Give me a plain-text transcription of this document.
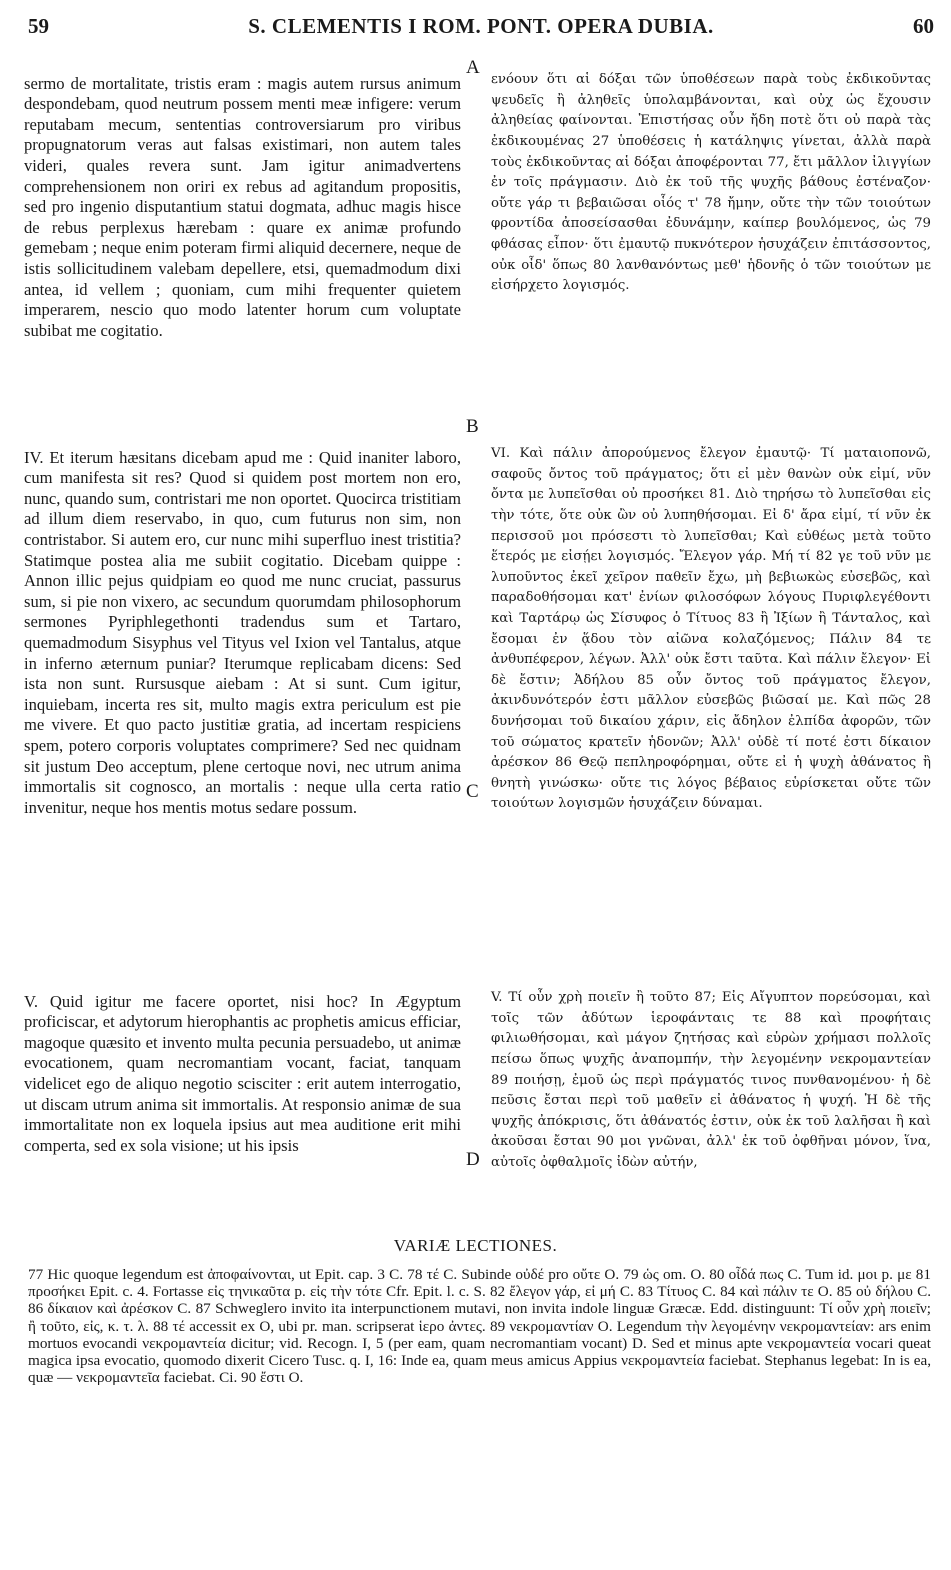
59	S. CLEMENTIS I ROM. PONT. OPERA DUBIA.	60

sermo de mortalitate, tristis eram : magis autem rursus animum despondebam, quod neutrum possem menti meæ infigere: verum reputabam mecum, sententias controversiarum pro viribus propugnatorum veras aut falsas existimari, non autem tales videri, quales revera sunt. Jam igitur animadvertens comprehensionem non oriri ex rebus ad agitandum propositis, sed pro ingenio disputantium statui dogmata, adhuc magis hisce de rebus perplexus hærebam : quare ex animæ profundo gemebam ; neque enim poteram firmi aliquid decernere, neque de istis sollicitudinem valebam depellere, etsi, quemadmodum dixi antea, id vellem ; quoniam, cum mihi frequenter quietem imperarem, nescio quo modo latenter horum cum voluptate subibat me cogitatio.

ενόουν ὅτι αἱ δόξαι τῶν ὑποθέσεων παρὰ τοὺς ἐκδικοῦντας ψευδεῖς ἢ ἀληθεῖς ὑπολαμβάνονται, καὶ οὐχ ὡς ἔχουσιν ἀληθείας φαίνονται. Ἐπιστήσας οὖν ἤδη ποτὲ ὅτι οὐ παρὰ τὰς ἐκδικουμένας 27 ὑποθέσεις ἡ κατάληψις γίνεται, ἀλλὰ παρὰ τοὺς ἐκδικοῦντας αἱ δόξαι ἀποφέρονται 77, ἔτι μᾶλλον ἰλιγγίων ἐν τοῖς πράγμασιν. Διὸ ἐκ τοῦ τῆς ψυχῆς βάθους ἐστέναζον· οὔτε γάρ τι βεβαιῶσαι οἷός τ' 78 ἤμην, οὔτε τὴν τῶν τοιούτων φροντίδα ἀποσείσασθαι ἐδυνάμην, καίπερ βουλόμενος, ὡς 79 φθάσας εἶπον· ὅτι ἐμαυτῷ πυκνότερον ἡσυχάζειν ἐπιτάσσοντος, οὐκ οἶδ' ὅπως 80 λανθανόντως μεθ' ἡδονῆς ὁ τῶν τοιούτων με εἰσήρχετο λογισμός.

IV. Et iterum hæsitans dicebam apud me : Quid inaniter laboro, cum manifesta sit res? Quod si quidem post mortem non ero, nunc, quando sum, contristari me non oportet. Quocirca tristitiam ad illum diem reservabo, in quo, cum futurus non sim, non contristabor. Si autem ero, cur nunc mihi superfluo inest tristitia? Statimque postea alia me subiit cogitatio. Dicebam quippe : Annon illic pejus quidpiam eo quod me nunc cruciat, passurus sum, si pie non vixero, ac secundum quorumdam philosophorum sermones Pyriphlegethonti tradendus sum et Tartaro, quemadmodum Sisyphus vel Tityus vel Ixion vel Tantalus, atque in inferno æternum puniar? Iterumque replicabam dicens: Sed ista non sunt. Rursusque aiebam : At si sunt. Cum igitur, inquiebam, incerta res sit, multo magis extra periculum est pie me vivere. Et quo pacto justitiæ gratia, ad incertam respiciens spem, potero corporis voluptates comprimere? Sed nec quidnam sit justum Deo acceptum, plene certoque novi, nec utrum anima immortalis sit cognosco, an mortalis : neque ulla certa ratio invenitur, neque hos mentis motus sedare possum.

VI. Καὶ πάλιν ἀπορούμενος ἔλεγον ἐμαυτῷ· Τί ματαιοπονῶ, σαφοῦς ὄντος τοῦ πράγματος; ὅτι εἰ μὲν θανὼν οὐκ εἰμί, νῦν ὄντα με λυπεῖσθαι οὐ προσήκει 81. Διὸ τηρήσω τὸ λυπεῖσθαι εἰς τὴν τότε, ὅτε οὐκ ὢν οὐ λυπηθήσομαι. Εἰ δ' ἄρα εἰμί, τί νῦν ἐκ περισσοῦ μοι πρόσεστι τὸ λυπεῖσθαι; Καὶ εὐθέως μετὰ τοῦτο ἕτερός με εἰσῄει λογισμός. Ἔλεγον γάρ. Μή τί 82 γε τοῦ νῦν με λυποῦντος ἐκεῖ χεῖρον παθεῖν ἔχω, μὴ βεβιωκὼς εὐσεβῶς, καὶ παραδοθήσομαι κατ' ἐνίων φιλοσόφων λόγους Πυριφλεγέθοντι καὶ Ταρτάρῳ ὡς Σίσυφος ὁ Τίτυος 83 ἢ Ἰξίων ἢ Τάνταλος, καὶ ἔσομαι ἐν ᾅδου τὸν αἰῶνα κολαζόμενος; Πάλιν 84 τε ἀνθυπέφερον, λέγων. Ἀλλ' οὐκ ἔστι ταῦτα. Καὶ πάλιν ἔλεγον· Εἰ δὲ ἔστιν; Ἀδήλου 85 οὖν ὄντος τοῦ πράγματος ἔλεγον, ἀκινδυνότερόν ἐστι μᾶλλον εὐσεβῶς βιῶσαί με. Καὶ πῶς 28 δυνήσομαι τοῦ δικαίου χάριν, εἰς ἄδηλον ἐλπίδα ἀφορῶν, τῶν τοῦ σώματος κρατεῖν ἡδονῶν; Ἀλλ' οὐδὲ τί ποτέ ἐστι δίκαιον ἀρέσκον 86 Θεῷ πεπληροφόρημαι, οὔτε εἰ ἡ ψυχὴ ἀθάνατος ἢ θνητὴ γινώσκω· οὔτε τις λόγος βέβαιος εὑρίσκεται οὔτε τῶν τοιούτων λογισμῶν ἡσυχάζειν δύναμαι.

V. Quid igitur me facere oportet, nisi hoc? In Ægyptum proficiscar, et adytorum hierophantis ac prophetis amicus efficiar, magoque quæsito et invento multa pecunia persuadebo, ut animæ evocationem, quam necromantiam vocant, faciat, tanquam videlicet ego de aliquo negotio scisciter : erit autem interrogatio, ut discam utrum anima sit immortalis. At responsio animæ de sua immortalitate non ex loquela ipsius aut mea auditione erit mihi comperta, sed ex sola visione; ut his ipsis

V. Τί οὖν χρὴ ποιεῖν ἢ τοῦτο 87; Εἰς Αἴγυπτον πορεύσομαι, καὶ τοῖς τῶν ἀδύτων ἱεροφάνταις τε 88 καὶ προφήταις φιλιωθήσομαι, καὶ μάγον ζητήσας καὶ εὑρὼν χρήμασι πολλοῖς πείσω ὅπως ψυχῆς ἀναπομπήν, τὴν λεγομένην νεκρομαντείαν 89 ποιήσῃ, ἐμοῦ ὡς περὶ πράγματός τινος πυνθανομένου· ἡ δὲ πεῦσις ἔσται περὶ τοῦ μαθεῖν εἰ ἀθάνατος ἡ ψυχή. Ἡ δὲ τῆς ψυχῆς ἀπόκρισις, ὅτι ἀθάνατός ἐστιν, οὐκ ἐκ τοῦ λαλῆσαι ἢ καὶ ἀκοῦσαι ἔσται 90 μοι γνῶναι, ἀλλ' ἐκ τοῦ ὀφθῆναι μόνον, ἵνα, αὐτοῖς ὀφθαλμοῖς ἰδὼν αὐτήν,

A
B
C
D
VARIÆ LECTIONES.

77 Hic quoque legendum est ἀποφαίνονται, ut Epit. cap. 3 C. 78 τέ C. Subinde οὐδέ pro οὔτε O. 79 ὡς om. O. 80 οἶδά πως C. Tum id. μοι p. με 81 προσήκει Epit. c. 4. Fortasse εἰς τηνικαῦτα p. εἰς τὴν τότε Cfr. Epit. l. c. S. 82 ἔλεγον γάρ, εἰ μή C. 83 Τίτυος C. 84 καὶ πάλιν τε O. 85 οὐ δήλου C. 86 δίκαιον καὶ ἀρέσκον C. 87 Schweglero invito ita interpunctionem mutavi, non invita indole linguæ Græcæ. Edd. distinguunt: Τί οὖν χρὴ ποιεῖν; ἢ τοῦτο, εἰς, κ. τ. λ. 88 τέ accessit ex O, ubi pr. man. scripserat ἱερο ἀντες. 89 νεκρομαντίαν O. Legendum τὴν λεγομένην νεκρομαντείαν: ars enim mortuos evocandi νεκρομαντεία dicitur; vid. Recogn. I, 5 (per eam, quam necromantiam vocant) D. Sed et minus apte νεκρομαντεία vocari queat magica ipsa evocatio, quomodo dixerit Cicero Tusc. q. I, 16: Inde ea, quam meus amicus Appius νεκρομαντεία faciebat. Stephanus legebat: In is ea, quæ — νεκρομαντεῖα faciebat. Ci. 90 ἔστι O.
